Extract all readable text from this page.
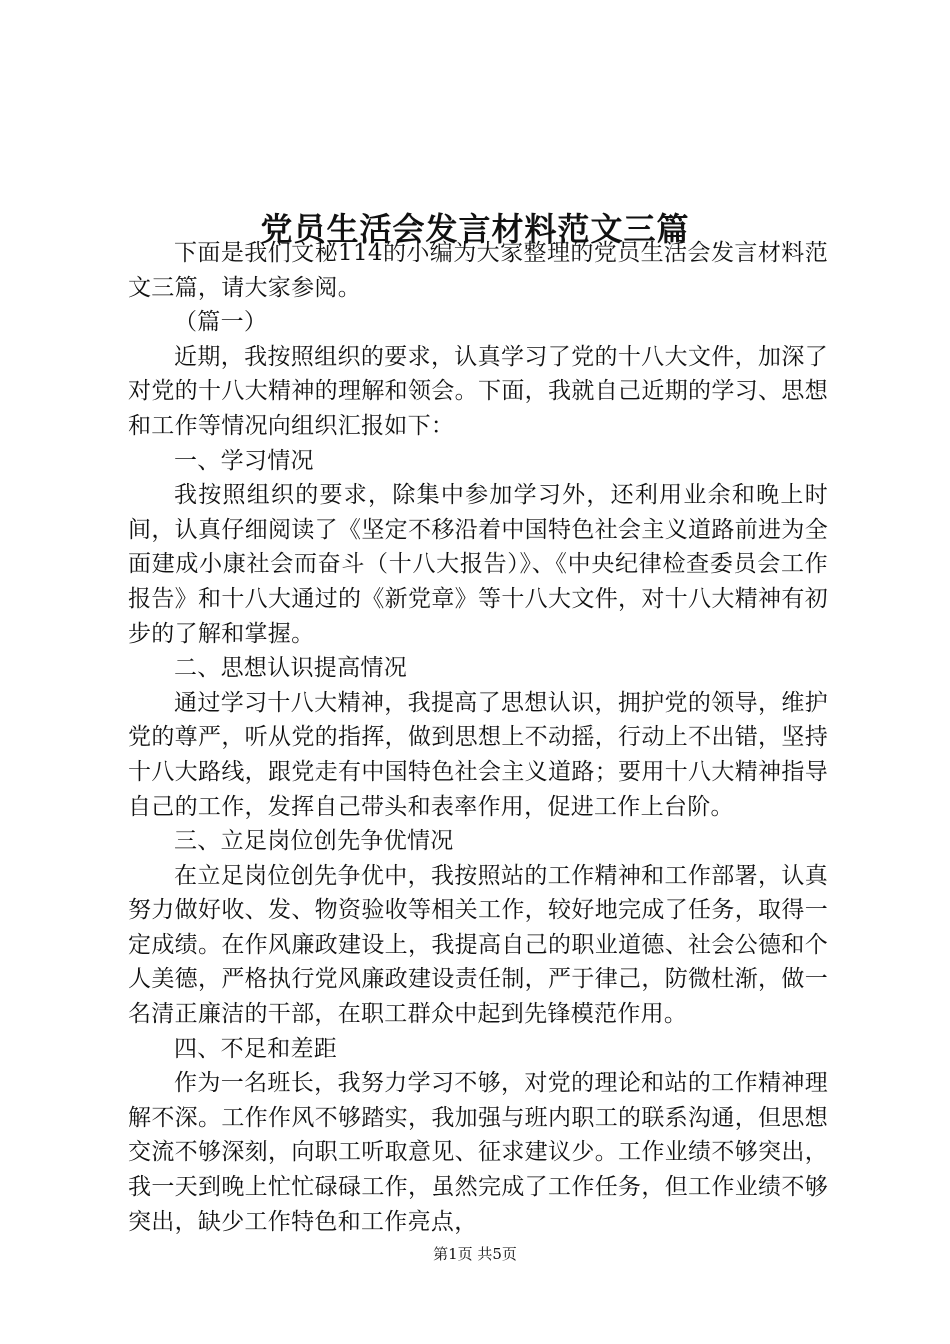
党员生活会发言材料范文三篇

下面是我们文秘114的小编为大家整理的党员生活会发言材料范文三篇，请大家参阅。

（篇一）

近期，我按照组织的要求，认真学习了党的十八大文件，加深了对党的十八大精神的理解和领会。下面，我就自己近期的学习、思想和工作等情况向组织汇报如下：

一、学习情况

我按照组织的要求，除集中参加学习外，还利用业余和晚上时间，认真仔细阅读了《坚定不移沿着中国特色社会主义道路前进为全面建成小康社会而奋斗（十八大报告）》、《中央纪律检查委员会工作报告》和十八大通过的《新党章》等十八大文件，对十八大精神有初步的了解和掌握。

二、思想认识提高情况

通过学习十八大精神，我提高了思想认识，拥护党的领导，维护党的尊严，听从党的指挥，做到思想上不动摇，行动上不出错，坚持十八大路线，跟党走有中国特色社会主义道路；要用十八大精神指导自己的工作，发挥自己带头和表率作用，促进工作上台阶。

三、立足岗位创先争优情况

在立足岗位创先争优中，我按照站的工作精神和工作部署，认真努力做好收、发、物资验收等相关工作，较好地完成了任务，取得一定成绩。在作风廉政建设上，我提高自己的职业道德、社会公德和个人美德，严格执行党风廉政建设责任制，严于律己，防微杜渐，做一名清正廉洁的干部，在职工群众中起到先锋模范作用。

四、不足和差距

作为一名班长，我努力学习不够，对党的理论和站的工作精神理解不深。工作作风不够踏实，我加强与班内职工的联系沟通，但思想交流不够深刻，向职工听取意见、征求建议少。工作业绩不够突出，我一天到晚上忙忙碌碌工作，虽然完成了工作任务，但工作业绩不够突出，缺少工作特色和工作亮点，

第1页 共5页
